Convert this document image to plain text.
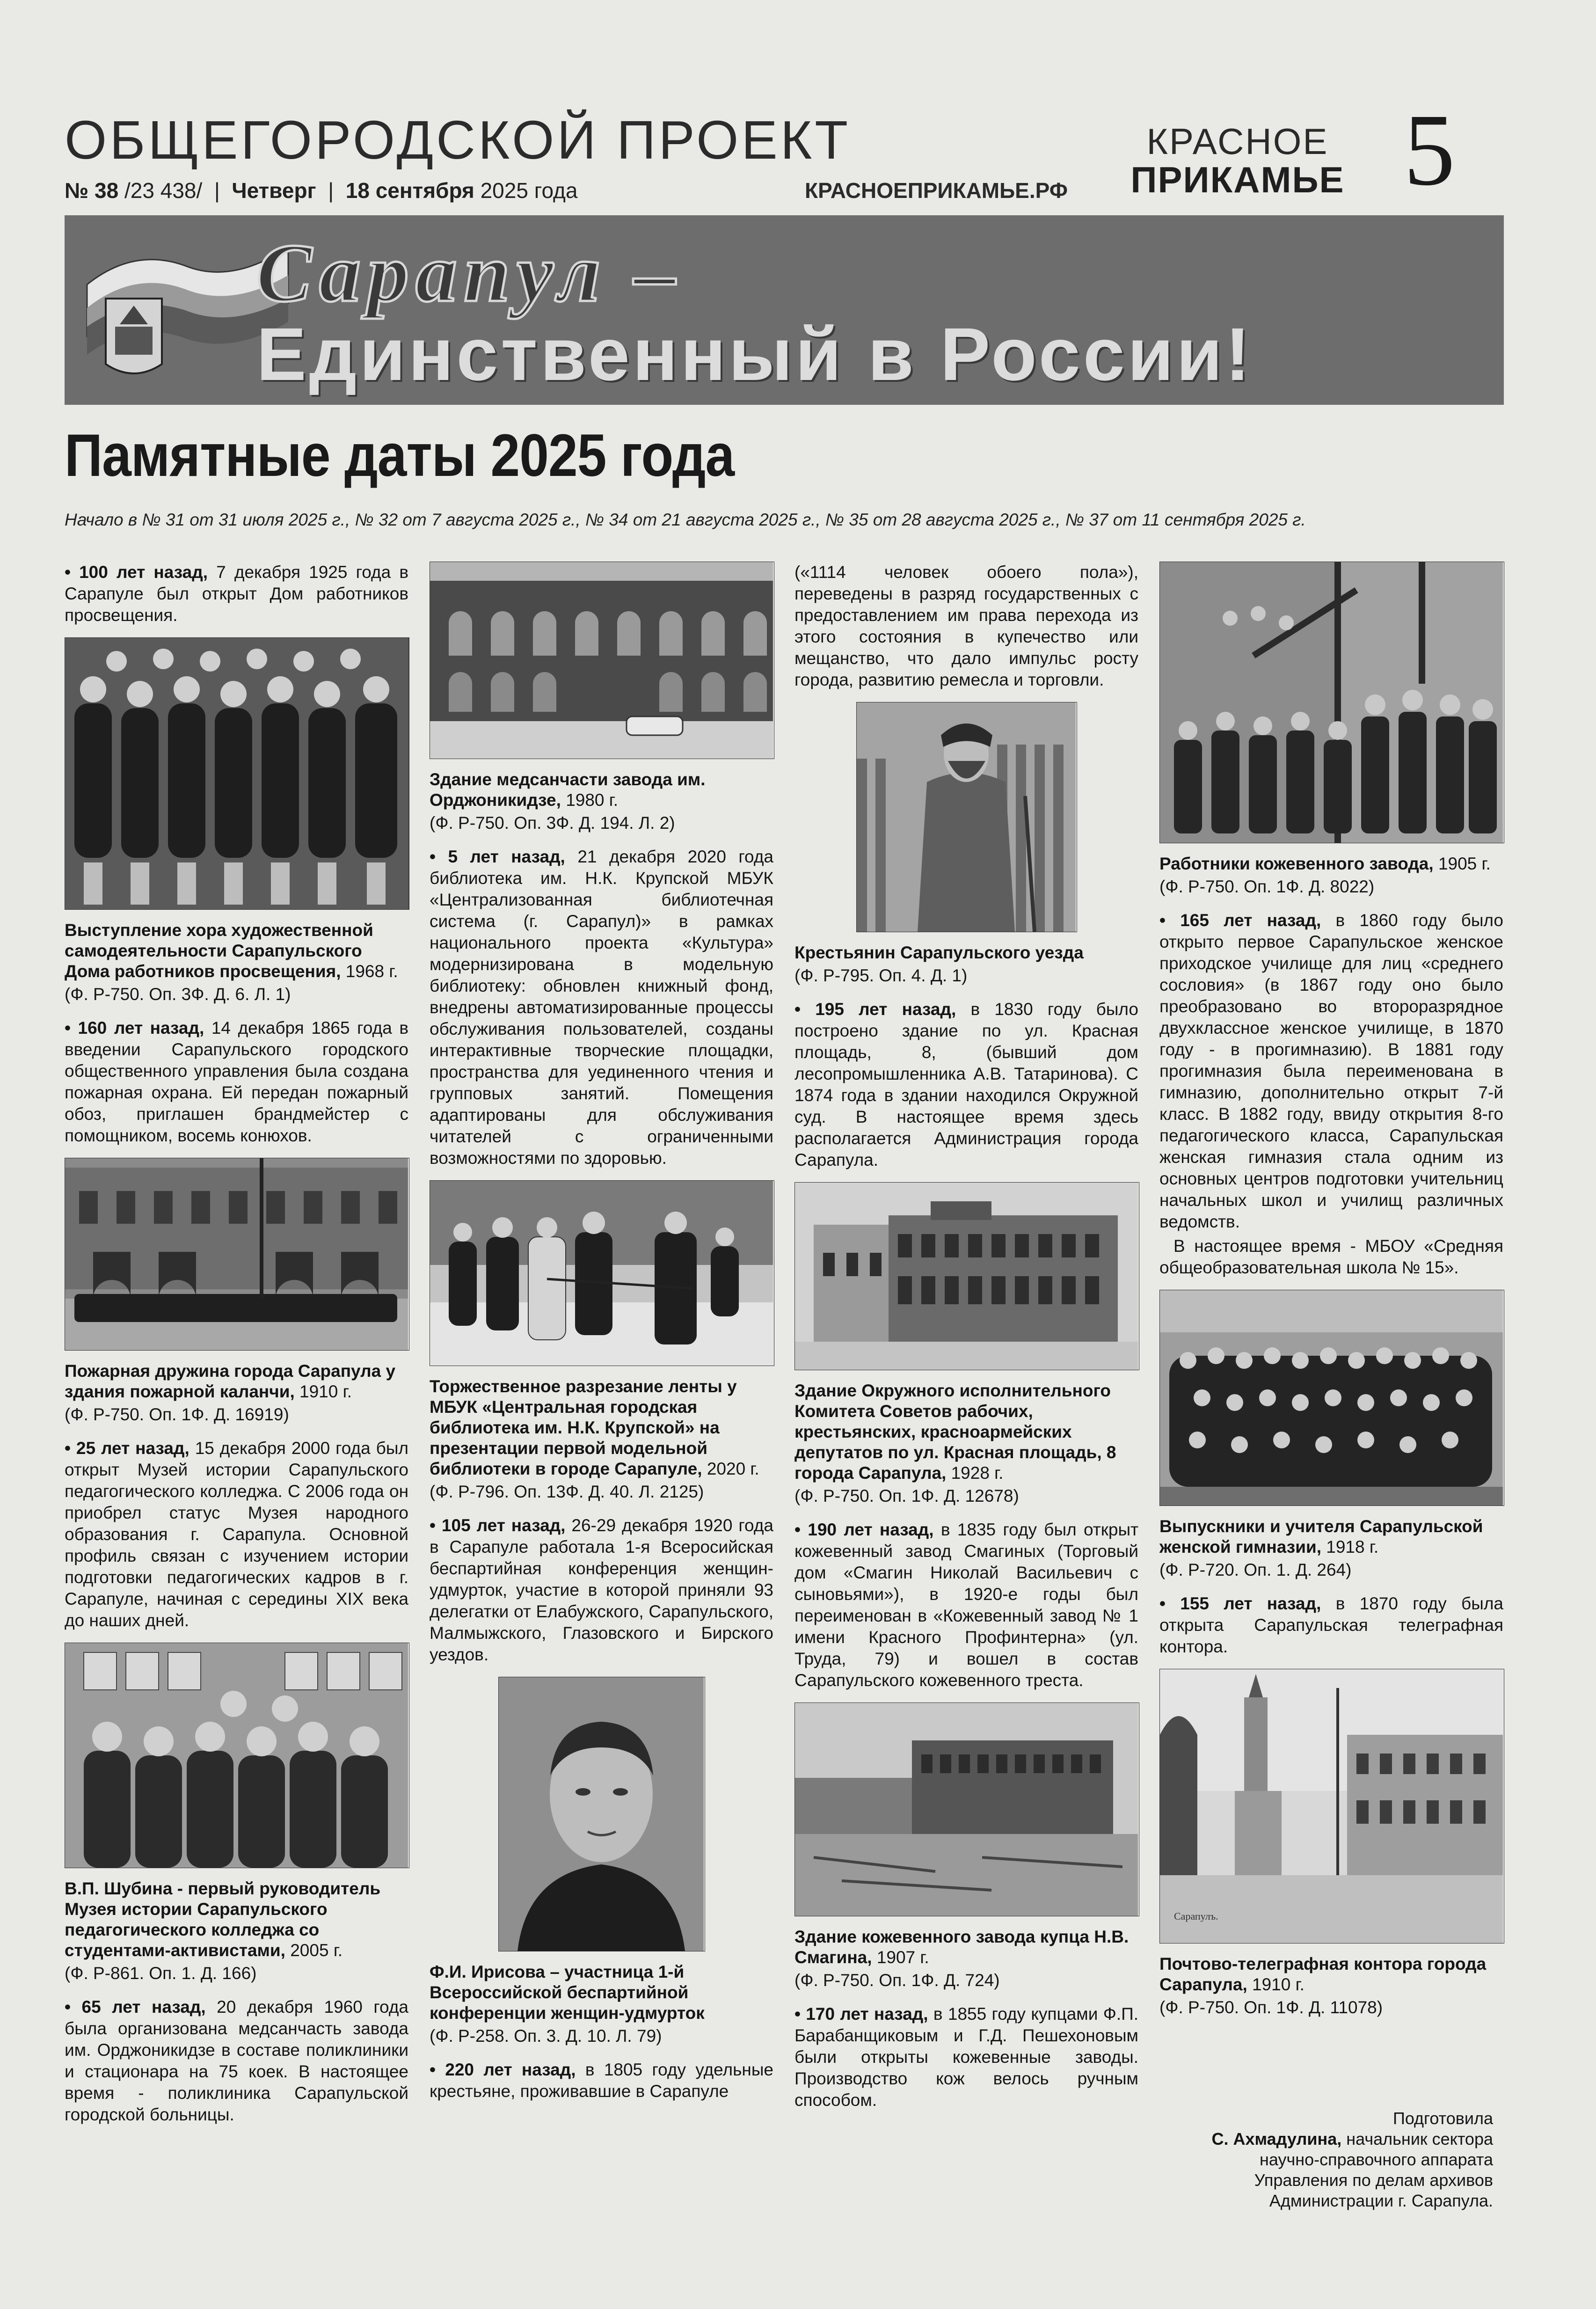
ОБЩЕГОРОДСКОЙ ПРОЕКТ
№ 38 /23 438/  |  Четверг  |  18 сентября 2025 года	КРАСНОЕПРИКАМЬЕ.РФ
КРАСНОЕ
ПРИКАМЬЕ 5
Сарапул –
Единственный в России!
Памятные даты 2025 года
Начало в № 31 от 31 июля 2025 г., № 32 от 7 августа 2025 г., № 34 от 21 августа 2025 г., № 35 от 28 августа 2025 г., № 37 от 11 сентября 2025 г.

• 100 лет назад, 7 декабря 1925 года в Сарапуле был открыт Дом работников просвещения.

Выступление хора художественной самодеятельности Сарапульского Дома работников просвещения, 1968 г.
(Ф. Р-750. Оп. 3Ф. Д. 6. Л. 1)

• 160 лет назад, 14 декабря 1865 года в введении Сарапульского городского общественного управления была создана пожарная охрана. Ей передан пожарный обоз, приглашен брандмейстер с помощником, восемь конюхов.

Пожарная дружина города Сарапула у здания пожарной каланчи, 1910 г.
(Ф. Р-750. Оп. 1Ф. Д. 16919)

• 25 лет назад, 15 декабря 2000 года был открыт Музей истории Сарапульского педагогического колледжа. С 2006 года он приобрел статус Музея народного образования г. Сарапула. Основной профиль связан с изучением истории подготовки педагогических кадров в г. Сарапуле, начиная с середины XIX века до наших дней.

В.П. Шубина - первый руководитель Музея истории Сарапульского педагогического колледжа со студентами-активистами, 2005 г.
(Ф. Р-861. Оп. 1. Д. 166)

• 65 лет назад, 20 декабря 1960 года была организована медсанчасть завода им. Орджоникидзе в составе поликлиники и стационара на 75 коек. В настоящее время - поликлиника Сарапульской городской больницы.

Здание медсанчасти завода им. Орджоникидзе, 1980 г.
(Ф. Р-750. Оп. 3Ф. Д. 194. Л. 2)

• 5 лет назад, 21 декабря 2020 года библиотека им. Н.К. Крупской МБУК «Централизованная библиотечная система (г. Сарапул)» в рамках национального проекта «Культура» модернизирована в модельную библиотеку: обновлен книжный фонд, внедрены автоматизированные процессы обслуживания пользователей, созданы интерактивные творческие площадки, пространства для уединенного чтения и групповых занятий. Помещения адаптированы для обслуживания читателей с ограниченными возможностями по здоровью.

Торжественное разрезание ленты у МБУК «Центральная городская библиотека им. Н.К. Крупской» на презентации первой модельной библиотеки в городе Сарапуле, 2020 г.
(Ф. Р-796. Оп. 13Ф. Д. 40. Л. 2125)

• 105 лет назад, 26-29 декабря 1920 года в Сарапуле работала 1-я Всеросийская беспартийная конференция женщин-удмурток, участие в которой приняли 93 делегатки от Елабужского, Сарапульского, Малмыжского, Глазовского и Бирского уездов.

Ф.И. Ирисова – участница 1-й Всероссийской беспартийной конференции женщин-удмурток
(Ф. Р-258. Оп. 3. Д. 10. Л. 79)

• 220 лет назад, в 1805 году удельные крестьяне, проживавшие в Сарапуле

(«1114 человек обоего пола»), переведены в разряд государственных с предоставлением им права перехода из этого состояния в купечество или мещанство, что дало импульс росту города, развитию ремесла и торговли.

Крестьянин Сарапульского уезда
(Ф. Р-795. Оп. 4. Д. 1)

• 195 лет назад, в 1830 году было построено здание по ул. Красная площадь, 8, (бывший дом лесопромышленника А.В. Татаринова). С 1874 года в здании находился Окружной суд. В настоящее время здесь располагается Администрация города Сарапула.

Здание Окружного исполнительного Комитета Советов рабочих, крестьянских, красноармейских депутатов по ул. Красная площадь, 8 города Сарапула, 1928 г.
(Ф. Р-750. Оп. 1Ф. Д. 12678)

• 190 лет назад, в 1835 году был открыт кожевенный завод Смагиных (Торговый дом «Смагин Николай Васильевич с сыновьями»), в 1920-е годы был переименован в «Кожевенный завод № 1 имени Красного Профинтерна» (ул. Труда, 79) и вошел в состав Сарапульского кожевенного треста.

Здание кожевенного завода купца Н.В. Смагина, 1907 г.
(Ф. Р-750. Оп. 1Ф. Д. 724)

• 170 лет назад, в 1855 году купцами Ф.П. Барабанщиковым и Г.Д. Пешехоновым были открыты кожевенные заводы. Производство кож велось ручным способом.

Работники кожевенного завода, 1905 г.
(Ф. Р-750. Оп. 1Ф. Д. 8022)

• 165 лет назад, в 1860 году было открыто первое Сарапульское женское приходское училище для лиц «среднего сословия» (в 1867 году оно было преобразовано во второразрядное двухклассное женское училище, в 1870 году - в прогимназию). В 1881 году прогимназия была переименована в гимназию, дополнительно открыт 7-й класс. В 1882 году, ввиду открытия 8-го педагогического класса, Сарапульская женская гимназия стала одним из основных центров подготовки учительниц начальных школ и училищ различных ведомств.

В настоящее время - МБОУ «Средняя общеобразовательная школа № 15».

Выпускники и учителя Сарапульской женской гимназии, 1918 г.
(Ф. Р-720. Оп. 1. Д. 264)

• 155 лет назад, в 1870 году была открыта Сарапульская телеграфная контора.

Сарапулъ.
Почтово-телеграфная контора города Сарапула, 1910 г.
(Ф. Р-750. Оп. 1Ф. Д. 11078)
Подготовила
С. Ахмадулина, начальник сектора научно-справочного аппарата Управления по делам архивов Администрации г. Сарапула.
